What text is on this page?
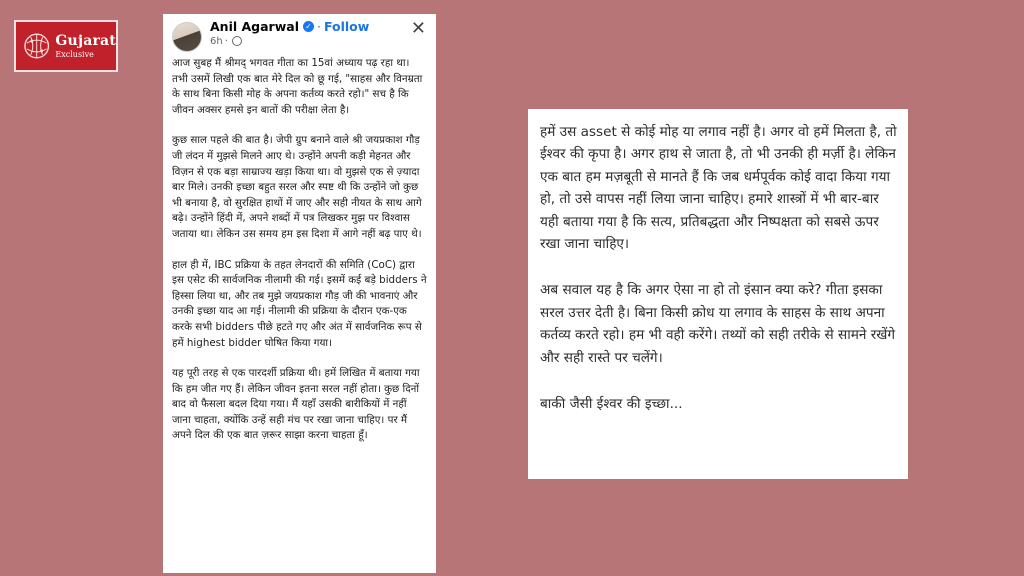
Gujarat
Exclusive
Anil Agarwal ✓ · Follow
6h ·
✕

आज सुबह मैं श्रीमद् भगवत गीता का 15वां अध्याय पढ़ रहा था। तभी उसमें लिखी एक बात मेरे दिल को छू गई, "साहस और विनम्रता के साथ बिना किसी मोह के अपना कर्तव्य करते रहो।" सच है कि जीवन अक्सर हमसे इन बातों की परीक्षा लेता है।

कुछ साल पहले की बात है। जेपी ग्रुप बनाने वाले श्री जयप्रकाश गौड़ जी लंदन में मुझसे मिलने आए थे। उन्होंने अपनी कड़ी मेहनत और विज़न से एक बड़ा साम्राज्य खड़ा किया था। वो मुझसे एक से ज़्यादा बार मिले। उनकी इच्छा बहुत सरल और स्पष्ट थी कि उन्होंने जो कुछ भी बनाया है, वो सुरक्षित हाथों में जाए और सही नीयत के साथ आगे बढ़े। उन्होंने हिंदी में, अपने शब्दों में पत्र लिखकर मुझ पर विश्वास जताया था। लेकिन उस समय हम इस दिशा में आगे नहीं बढ़ पाए थे।

हाल ही में, IBC प्रक्रिया के तहत लेनदारों की समिति (CoC) द्वारा इस एसेट की सार्वजनिक नीलामी की गई। इसमें कई बड़े bidders ने हिस्सा लिया था, और तब मुझे जयप्रकाश गौड़ जी की भावनाएं और उनकी इच्छा याद आ गई। नीलामी की प्रक्रिया के दौरान एक-एक करके सभी bidders पीछे हटते गए और अंत में सार्वजनिक रूप से हमें highest bidder घोषित किया गया।

यह पूरी तरह से एक पारदर्शी प्रक्रिया थी। हमें लिखित में बताया गया कि हम जीत गए हैं। लेकिन जीवन इतना सरल नहीं होता। कुछ दिनों बाद वो फैसला बदल दिया गया। मैं यहाँ उसकी बारीकियों में नहीं जाना चाहता, क्योंकि उन्हें सही मंच पर रखा जाना चाहिए। पर मैं अपने दिल की एक बात ज़रूर साझा करना चाहता हूँ।

हमें उस asset से कोई मोह या लगाव नहीं है। अगर वो हमें मिलता है, तो ईश्वर की कृपा है। अगर हाथ से जाता है, तो भी उनकी ही मर्ज़ी है। लेकिन एक बात हम मज़बूती से मानते हैं कि जब धर्मपूर्वक कोई वादा किया गया हो, तो उसे वापस नहीं लिया जाना चाहिए। हमारे शास्त्रों में भी बार-बार यही बताया गया है कि सत्य, प्रतिबद्धता और निष्पक्षता को सबसे ऊपर रखा जाना चाहिए।

अब सवाल यह है कि अगर ऐसा ना हो तो इंसान क्या करे? गीता इसका सरल उत्तर देती है। बिना किसी क्रोध या लगाव के साहस के साथ अपना कर्तव्य करते रहो। हम भी वही करेंगे। तथ्यों को सही तरीके से सामने रखेंगे और सही रास्ते पर चलेंगे।

बाकी जैसी ईश्वर की इच्छा...
